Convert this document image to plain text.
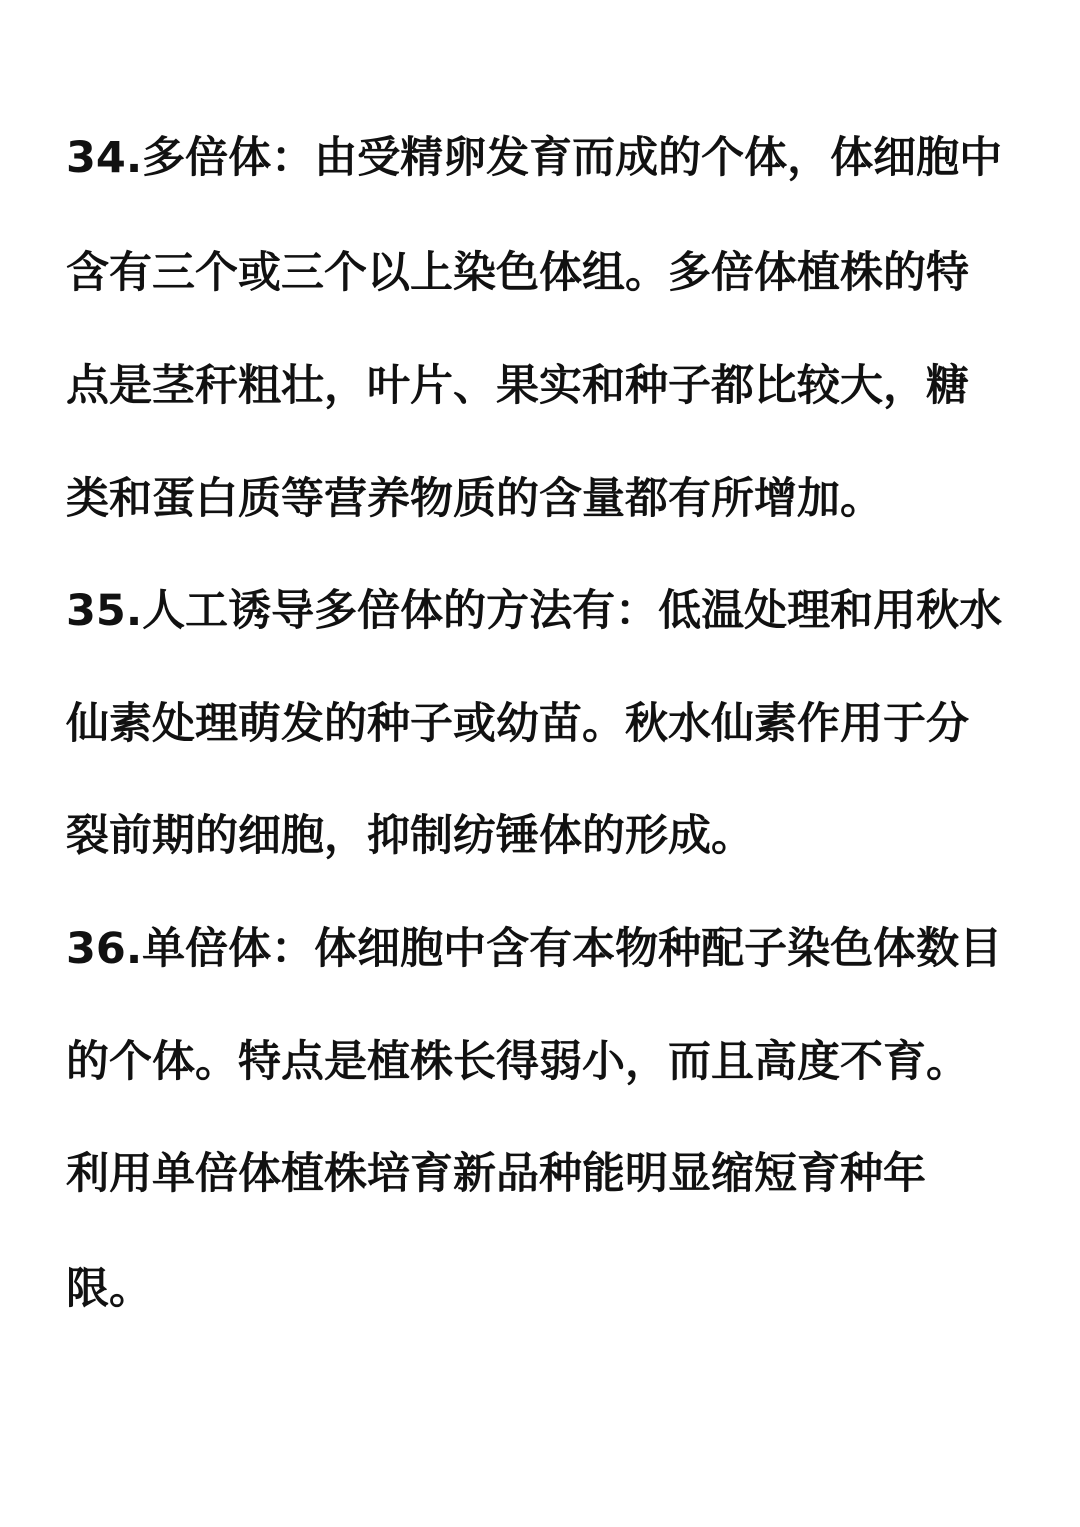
34.多倍体：由受精卵发育而成的个体，体细胞中
含有三个或三个以上染色体组。多倍体植株的特
点是茎秆粗壮，叶片、果实和种子都比较大，糖
类和蛋白质等营养物质的含量都有所增加。
35.人工诱导多倍体的方法有：低温处理和用秋水
仙素处理萌发的种子或幼苗。秋水仙素作用于分
裂前期的细胞，抑制纺锤体的形成。
36.单倍体：体细胞中含有本物种配子染色体数目
的个体。特点是植株长得弱小，而且高度不育。
利用单倍体植株培育新品种能明显缩短育种年
限。
